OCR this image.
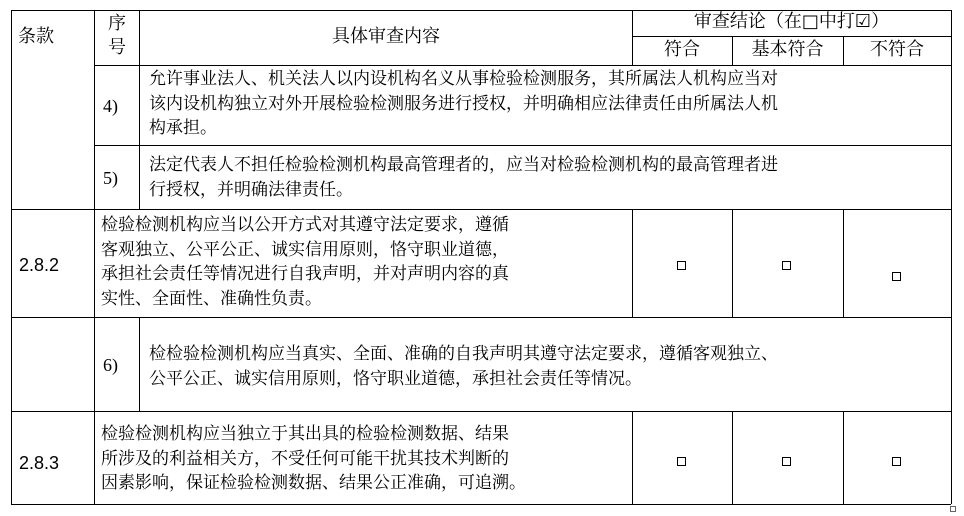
条款
序
号
具体审查内容
审查结论（在□中打☑）
符合	基本符合	不符合
4)
允许事业法人、机关法人以内设机构名义从事检验检测服务，其所属法人机构应当对
该内设机构独立对外开展检验检测服务进行授权，并明确相应法律责任由所属法人机
构承担。
5)
法定代表人不担任检验检测机构最高管理者的，应当对检验检测机构的最高管理者进
行授权，并明确法律责任。
2.8.2
检验检测机构应当以公开方式对其遵守法定要求，遵循
客观独立、公平公正、诚实信用原则，恪守职业道德，
承担社会责任等情况进行自我声明，并对声明内容的真
实性、全面性、准确性负责。
6)
检检验检测机构应当真实、全面、准确的自我声明其遵守法定要求，遵循客观独立、
公平公正、诚实信用原则，恪守职业道德，承担社会责任等情况。
2.8.3
检验检测机构应当独立于其出具的检验检测数据、结果
所涉及的利益相关方，不受任何可能干扰其技术判断的
因素影响，保证检验检测数据、结果公正准确，可追溯。
